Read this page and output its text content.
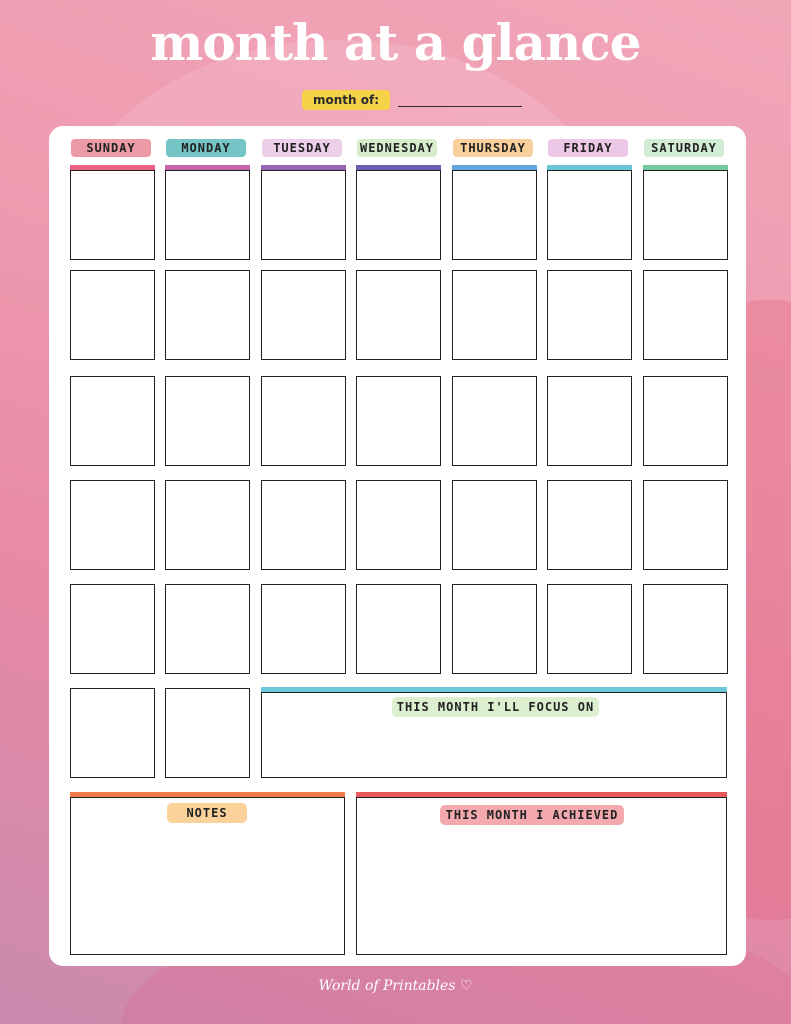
month at a glance
month of:
SUNDAY	MONDAY	TUESDAY	WEDNESDAY	THURSDAY	FRIDAY	SATURDAY
THIS MONTH I'LL FOCUS ON
NOTES	THIS MONTH I ACHIEVED
World of Printables ♡
